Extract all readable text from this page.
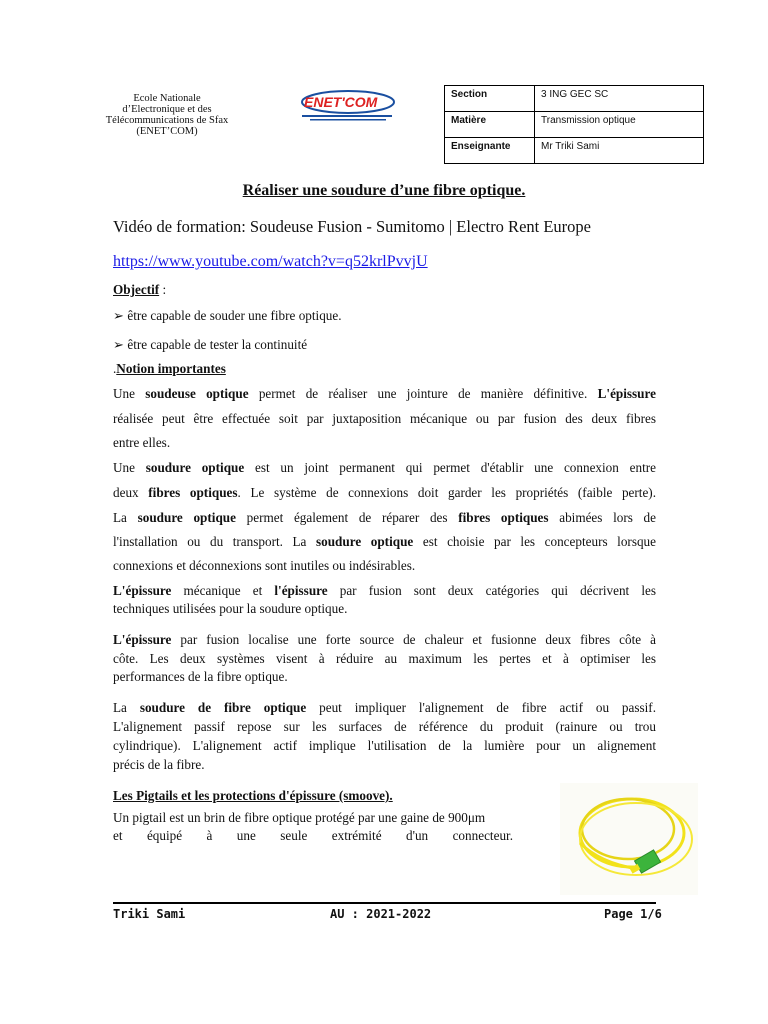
Ecole Nationale
d’Electronique et des
Télécommunications de Sfax
(ENET’COM)
ENET'COM	Section	3 ING GEC SC
Matière	Transmission optique
Enseignante	Mr Triki Sami
Réaliser une soudure d’une fibre optique.
Vidéo de formation: Soudeuse Fusion - Sumitomo | Electro Rent Europe
https://www.youtube.com/watch?v=q52krlPvvjU
Objectif :
➢ être capable de souder une fibre optique.
➢ être capable de tester la continuité
.Notion importantes
Une soudeuse optique permet de réaliser une jointure de manière définitive. L'épissure
réalisée peut être effectuée soit par juxtaposition mécanique ou par fusion des deux fibres
entre elles.
Une soudure optique est un joint permanent qui permet d'établir une connexion entre
deux fibres optiques. Le système de connexions doit garder les propriétés (faible perte).
La soudure optique permet également de réparer des fibres optiques abimées lors de
l'installation ou du transport. La soudure optique est choisie par les concepteurs lorsque
connexions et déconnexions sont inutiles ou indésirables.
L'épissure mécanique et l'épissure par fusion sont deux catégories qui décrivent les
techniques utilisées pour la soudure optique.
L'épissure par fusion localise une forte source de chaleur et fusionne deux fibres côte à
côte. Les deux systèmes visent à réduire au maximum les pertes et à optimiser les
performances de la fibre optique.
La soudure de fibre optique peut impliquer l'alignement de fibre actif ou passif.
L'alignement passif repose sur les surfaces de référence du produit (rainure ou trou
cylindrique). L'alignement actif implique l'utilisation de la lumière pour un alignement
précis de la fibre.
Les Pigtails et les protections d'épissure (smoove).
Un pigtail est un brin de fibre optique protégé par une gaine de 900μm
et équipé à une seule extrémité d'un connecteur.
Triki Sami	AU : 2021-2022	Page 1/6
